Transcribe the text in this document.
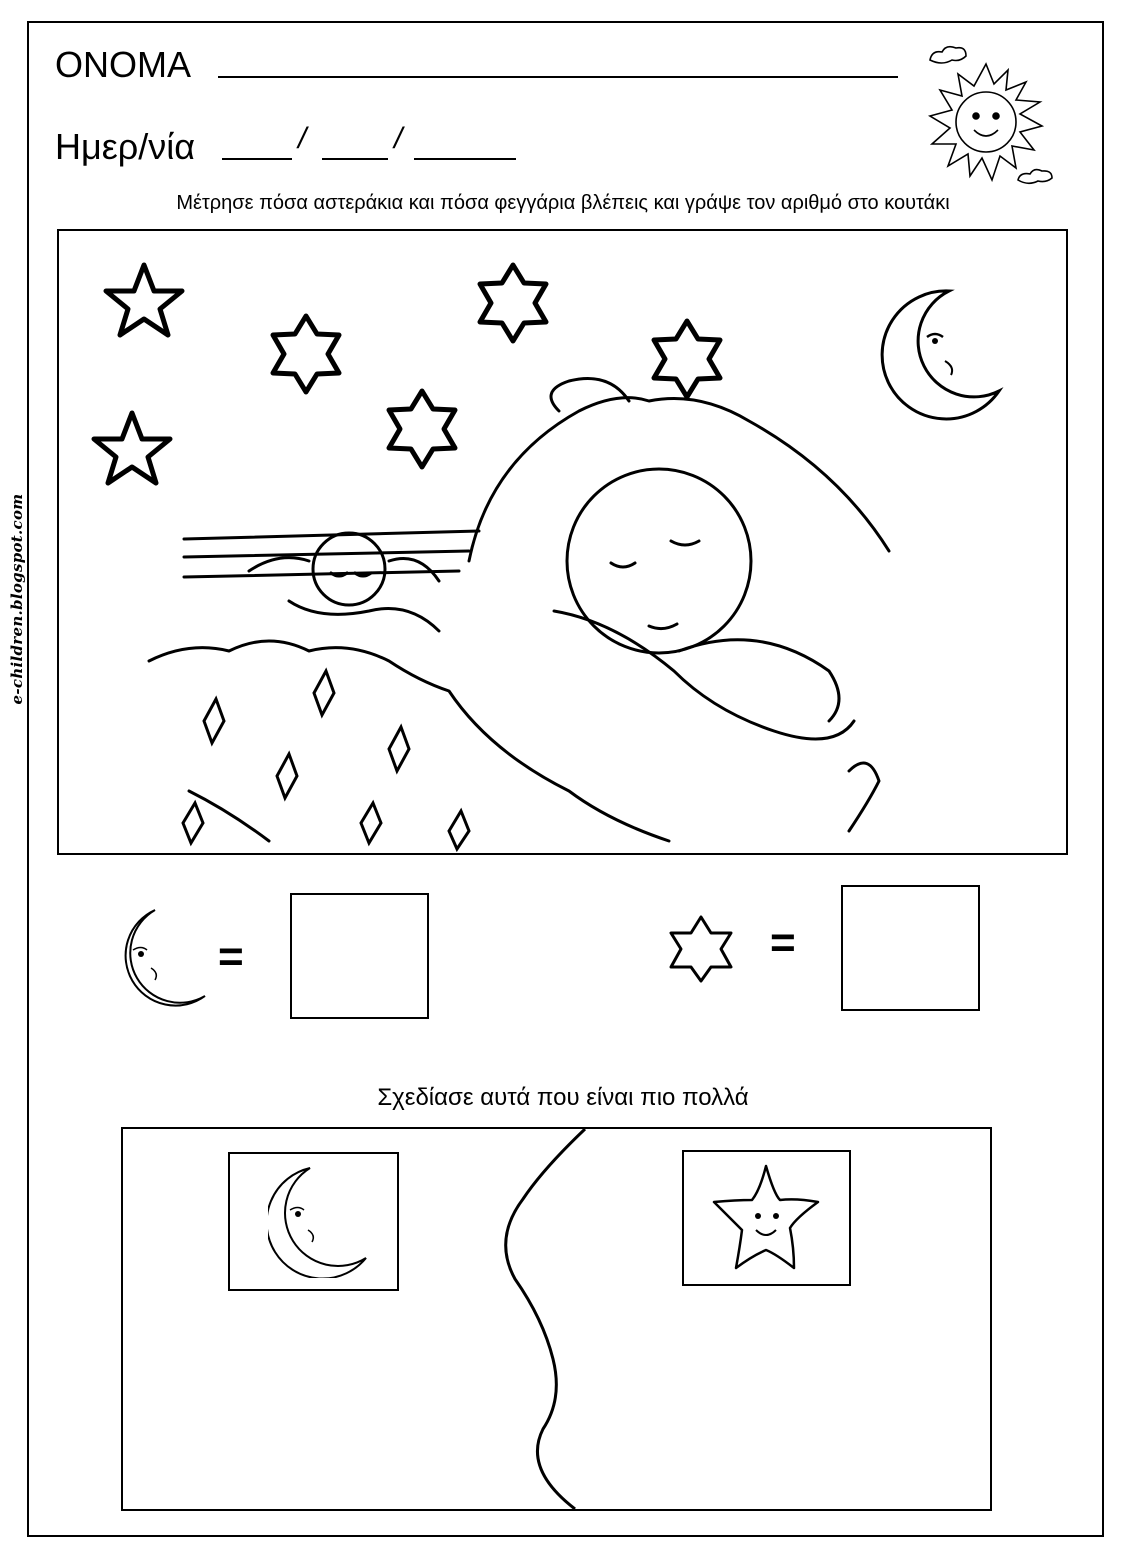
e-children.blogspot.com
ΟΝΟΜΑ
Ημερ/νία	/	/
Μέτρησε πόσα αστεράκια και πόσα φεγγάρια βλέπεις και γράψε τον αριθμό στο κουτάκι
=	=
Σχεδίασε αυτά που είναι πιο πολλά
